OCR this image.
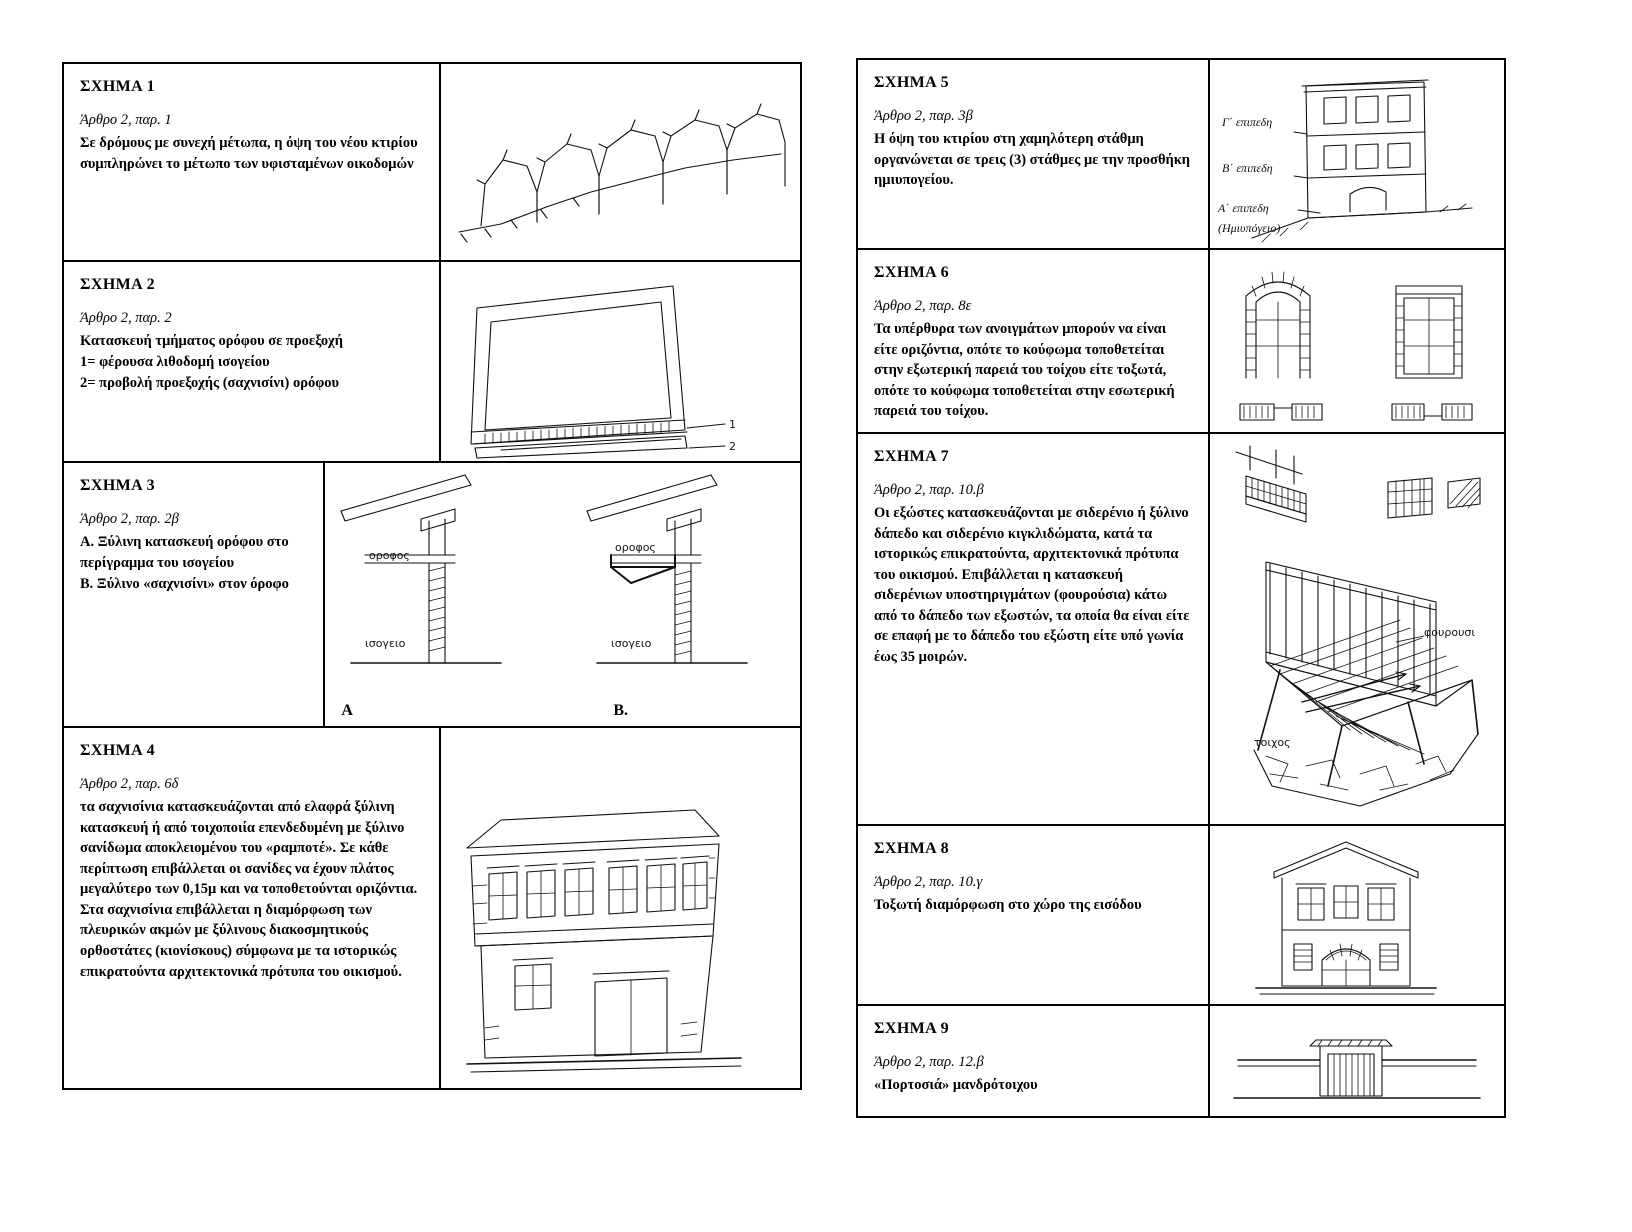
ΣΧΗΜΑ 1
Άρθρο 2, παρ. 1
Σε δρόμους με συνεχή μέτωπα, η όψη του νέου κτιρίου συμπληρώνει το μέτωπο των υφισταμένων οικοδομών
ΣΧΗΜΑ 2
Άρθρο 2, παρ. 2
Κατασκευή τμήματος ορόφου σε προεξοχή
1= φέρουσα λιθοδομή ισογείου
2= προβολή προεξοχής (σαχνισίνι) ορόφου
1
2
ΣΧΗΜΑ 3
Άρθρο 2, παρ. 2β
Α. Ξύλινη κατασκευή ορόφου στο περίγραμμα του ισογείου
Β. Ξύλινο «σαχνισίνι» στον όροφο
οροφος
ισογειο
οροφος
ισογειο
Α	Β.
ΣΧΗΜΑ 4
Άρθρο 2, παρ. 6δ
τα σαχνισίνια κατασκευάζονται από ελαφρά ξύλινη κατασκευή ή από τοιχοποιία επενδεδυμένη με ξύλινο σανίδωμα αποκλειομένου του «ραμποτέ». Σε κάθε περίπτωση επιβάλλεται οι σανίδες να έχουν πλάτος μεγαλύτερο των 0,15μ και να τοποθετούνται οριζόντια. Στα σαχνισίνια επιβάλλεται η διαμόρφωση των πλευρικών ακμών με ξύλινους διακοσμητικούς ορθοστάτες (κιονίσκους) σύμφωνα με τα ιστορικώς επικρατούντα αρχιτεκτονικά πρότυπα του οικισμού.
ΣΧΗΜΑ 5
Άρθρο 2, παρ. 3β
Η όψη του κτιρίου στη χαμηλότερη στάθμη οργανώνεται σε τρεις (3) στάθμες με την προσθήκη ημιυπογείου.
Γ΄ επιπεδη
Β΄ επιπεδη
Α΄ επιπεδη
(Ημιυπόγειο)
ΣΧΗΜΑ 6
Άρθρο 2, παρ. 8ε
Τα υπέρθυρα των ανοιγμάτων μπορούν να είναι είτε οριζόντια, οπότε το κούφωμα τοποθετείται στην εξωτερική παρειά του τοίχου είτε τοξωτά, οπότε το κούφωμα τοποθετείται στην εσωτερική παρειά του τοίχου.
ΣΧΗΜΑ 7
Άρθρο 2, παρ. 10.β
Οι εξώστες κατασκευάζονται με σιδερένιο ή ξύλινο δάπεδο και σιδερένιο κιγκλιδώματα, κατά τα ιστορικώς επικρατούντα, αρχιτεκτονικά πρότυπα του οικισμού. Επιβάλλεται η κατασκευή σιδερένιων υποστηριγμάτων (φουρούσια) κάτω από το δάπεδο των εξωστών, τα οποία θα είναι είτε σε επαφή με το δάπεδο του εξώστη είτε υπό γωνία έως 35 μοιρών.
φουρουσι
τοιχος
ΣΧΗΜΑ 8
Άρθρο 2, παρ. 10.γ
Τοξωτή διαμόρφωση στο χώρο της εισόδου
ΣΧΗΜΑ 9
Άρθρο 2, παρ. 12.β
«Πορτοσιά» μανδρότοιχου
